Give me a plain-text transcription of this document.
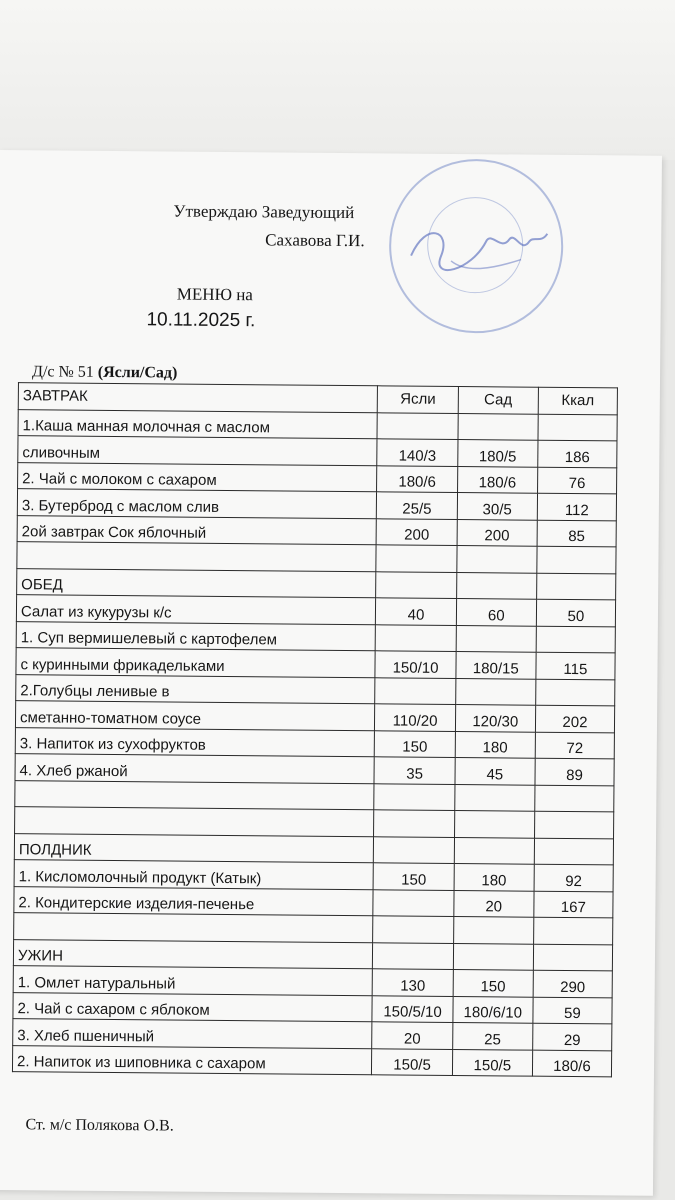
Утверждаю Заведующий
Сахавова Г.И.
МЕНЮ на
10.11.2025 г.
Д/с № 51 (Ясли/Сад)
ЗАВТРАК	Ясли	Сад	Ккал
1.Каша манная молочная с маслом			
сливочным	140/3	180/5	186
2. Чай с молоком с сахаром	180/6	180/6	76
3. Бутерброд с маслом слив	25/5	30/5	112
2ой завтрак Сок яблочный	200	200	85

ОБЕД			
Салат из кукурузы к/с	40	60	50
1. Суп вермишелевый с картофелем			
с куринными фрикадельками	150/10	180/15	115
2.Голубцы ленивые в			
сметанно-томатном соусе	110/20	120/30	202
3. Напиток из сухофруктов	150	180	72
4. Хлеб ржаной	35	45	89

ПОЛДНИК			
1. Кисломолочный продукт (Катык)	150	180	92
2. Кондитерские изделия-печенье		20	167

УЖИН			
1. Омлет натуральный	130	150	290
2. Чай с сахаром с яблоком	150/5/10	180/6/10	59
3. Хлеб пшеничный	20	25	29
2. Напиток из шиповника с сахаром	150/5	150/5	180/6
Ст. м/с Полякова О.В.
